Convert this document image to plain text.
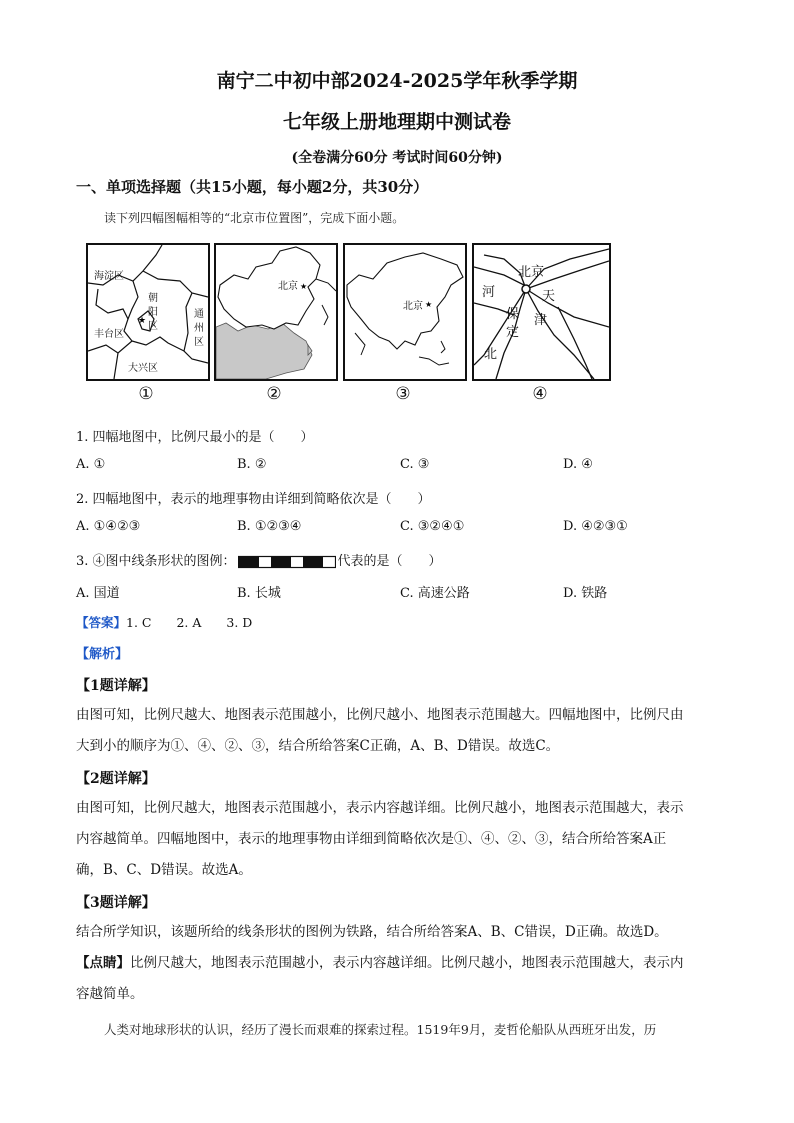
南宁二中初中部2024-2025学年秋季学期
七年级上册地理期中测试卷
(全卷满分60分 考试时间60分钟)
一、单项选择题（共15小题，每小题2分，共30分）
读下列四幅图幅相等的“北京市位置图”，完成下面小题。
★
海淀区
朝
阳
区
通
州
区
丰台区
大兴区
★
北京
★
北京
北京
河	天
津
保
定
北
①	②	③	④
1. 四幅地图中，比例尺最小的是（　　）
A. ①	B. ②	C. ③	D. ④
2. 四幅地图中，表示的地理事物由详细到简略依次是（　　）
A. ①④②③	B. ①②③④	C. ③②④①	D. ④②③①
3. ④图中线条形状的图例：	代表的是（　　）
A. 国道	B. 长城	C. 高速公路	D. 铁路
【答案】1. C　　2. A　　3. D
【解析】
【1题详解】
由图可知，比例尺越大、地图表示范围越小，比例尺越小、地图表示范围越大。四幅地图中，比例尺由
大到小的顺序为①、④、②、③，结合所给答案C正确，A、B、D错误。故选C。
【2题详解】
由图可知，比例尺越大，地图表示范围越小，表示内容越详细。比例尺越小，地图表示范围越大，表示
内容越简单。四幅地图中，表示的地理事物由详细到简略依次是①、④、②、③，结合所给答案A正
确，B、C、D错误。故选A。
【3题详解】
结合所学知识，该题所给的线条形状的图例为铁路，结合所给答案A、B、C错误，D正确。故选D。
【点睛】比例尺越大，地图表示范围越小，表示内容越详细。比例尺越小，地图表示范围越大，表示内
容越简单。
人类对地球形状的认识，经历了漫长而艰难的探索过程。1519年9月，麦哲伦船队从西班牙出发，历
